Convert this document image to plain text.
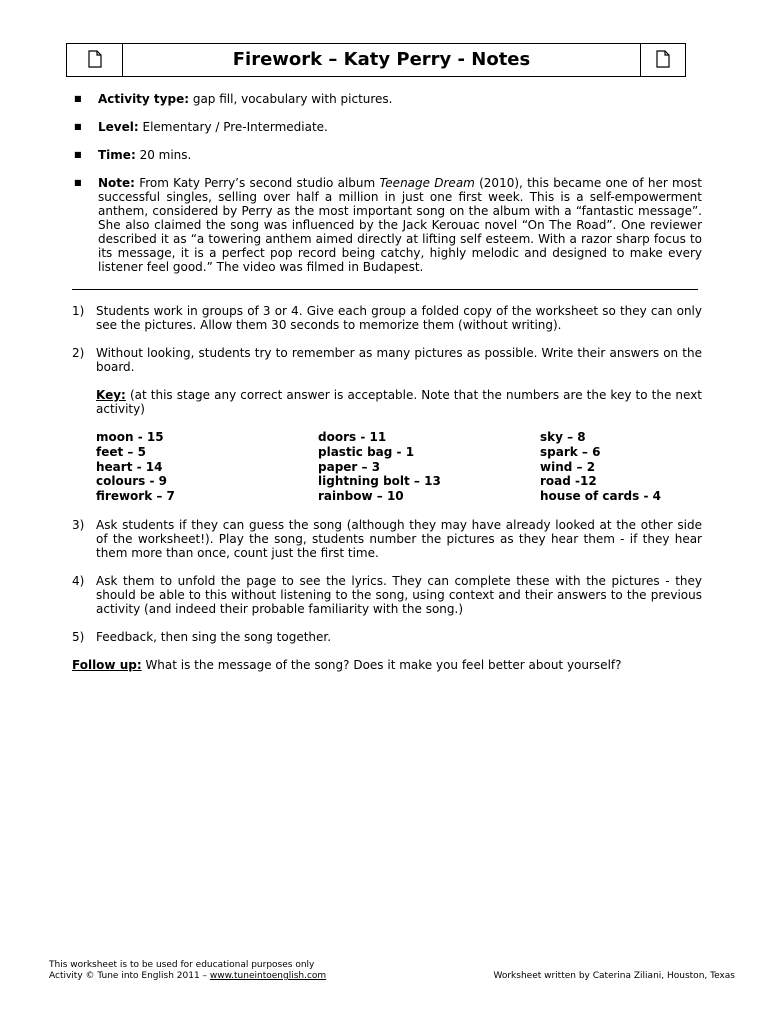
Firework – Katy Perry - Notes
■	Activity type: gap fill, vocabulary with pictures.
■	Level: Elementary / Pre-Intermediate.
■	Time: 20 mins.
■	Note: From Katy Perry’s second studio album Teenage Dream (2010), this became one of her most successful singles, selling over half a million in just one first week. This is a self-empowerment anthem, considered by Perry as the most important song on the album with a “fantastic message”. She also claimed the song was influenced by the Jack Kerouac novel “On The Road”. One reviewer described it as “a towering anthem aimed directly at lifting self esteem. With a razor sharp focus to its message, it is a perfect pop record being catchy, highly melodic and designed to make every listener feel good.” The video was filmed in Budapest.
1) Students work in groups of 3 or 4. Give each group a folded copy of the worksheet so they can only see the pictures. Allow them 30 seconds to memorize them (without writing).
2) Without looking, students try to remember as many pictures as possible. Write their answers on the board.
Key: (at this stage any correct answer is acceptable. Note that the numbers are the key to the next activity)
moon - 15	doors - 11	sky – 8
feet – 5	plastic bag - 1	spark – 6
heart - 14	paper – 3	wind – 2
colours - 9	lightning bolt – 13	road -12
firework – 7	rainbow – 10	house of cards - 4
3) Ask students if they can guess the song (although they may have already looked at the other side of the worksheet!). Play the song, students number the pictures as they hear them - if they hear them more than once, count just the first time.
4) Ask them to unfold the page to see the lyrics. They can complete these with the pictures - they should be able to this without listening to the song, using context and their answers to the previous activity (and indeed their probable familiarity with the song.)
5) Feedback, then sing the song together.
Follow up: What is the message of the song? Does it make you feel better about yourself?
This worksheet is to be used for educational purposes only
Activity © Tune into English 2011 – www.tuneintoenglish.com	Worksheet written by Caterina Ziliani, Houston, Texas
